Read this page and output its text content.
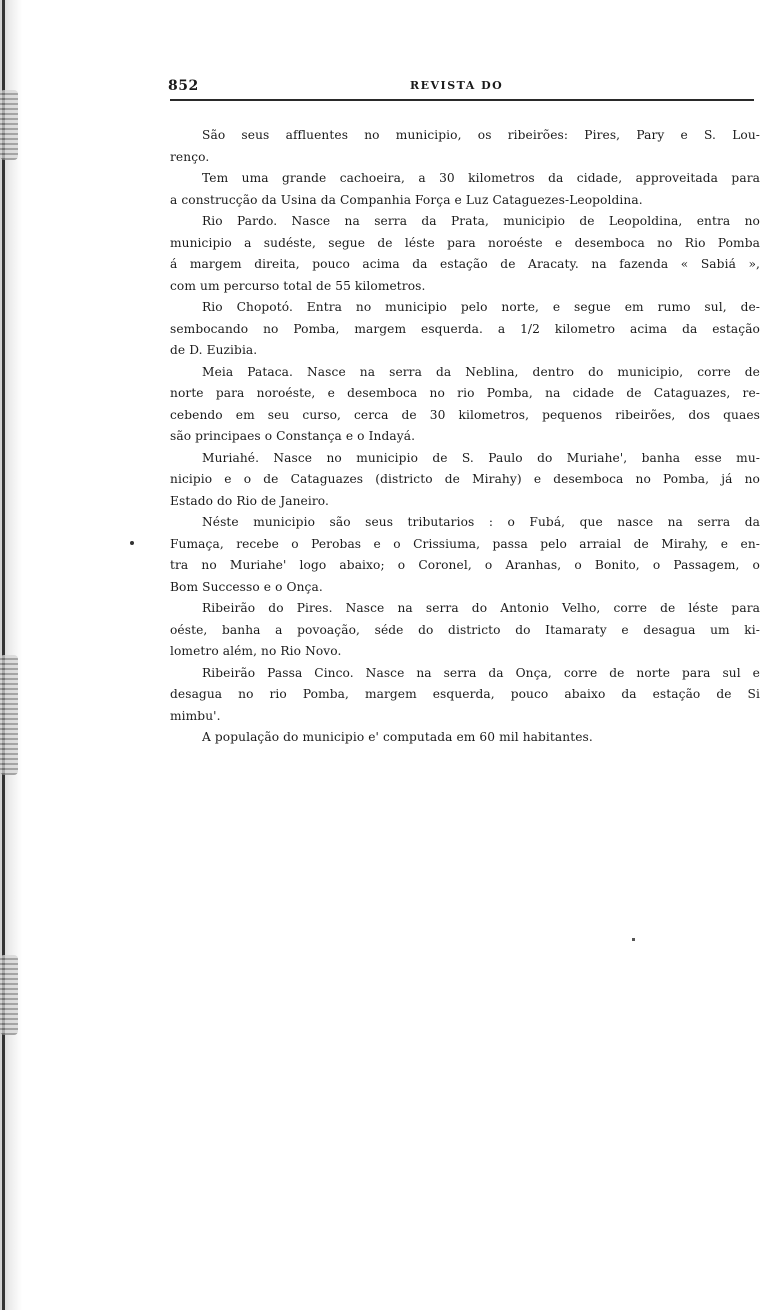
852	REVISTA DO
São seus affluentes no municipio, os ribeirões: Pires, Pary e S. Lou-
renço.
Tem uma grande cachoeira, a 30 kilometros da cidade, approveitada para
a construcção da Usina da Companhia Força e Luz Cataguezes-Leopoldina.
Rio Pardo. Nasce na serra da Prata, municipio de Leopoldina, entra no
municipio a sudéste, segue de léste para noroéste e desemboca no Rio Pomba
á margem direita, pouco acima da estação de Aracaty. na fazenda « Sabiá »,
com um percurso total de 55 kilometros.
Rio Chopotó. Entra no municipio pelo norte, e segue em rumo sul, de-
sembocando no Pomba, margem esquerda. a 1/2 kilometro acima da estação
de D. Euzibia.
Meia Pataca. Nasce na serra da Neblina, dentro do municipio, corre de
norte para noroéste, e desemboca no rio Pomba, na cidade de Cataguazes, re-
cebendo em seu curso, cerca de 30 kilometros, pequenos ribeirões, dos quaes
são principaes o Constança e o Indayá.
Muriahé. Nasce no municipio de S. Paulo do Muriahe', banha esse mu-
nicipio e o de Cataguazes (districto de Mirahy) e desemboca no Pomba, já no
Estado do Rio de Janeiro.
Néste municipio são seus tributarios : o Fubá, que nasce na serra da
Fumaça, recebe o Perobas e o Crissiuma, passa pelo arraial de Mirahy, e en-
tra no Muriahe' logo abaixo; o Coronel, o Aranhas, o Bonito, o Passagem, o
Bom Successo e o Onça.
Ribeirão do Pires. Nasce na serra do Antonio Velho, corre de léste para
oéste, banha a povoação, séde do districto do Itamaraty e desagua um ki-
lometro além, no Rio Novo.
Ribeirão Passa Cinco. Nasce na serra da Onça, corre de norte para sul e
desagua no rio Pomba, margem esquerda, pouco abaixo da estação de Si
mimbu'.
A população do municipio e' computada em 60 mil habitantes.
